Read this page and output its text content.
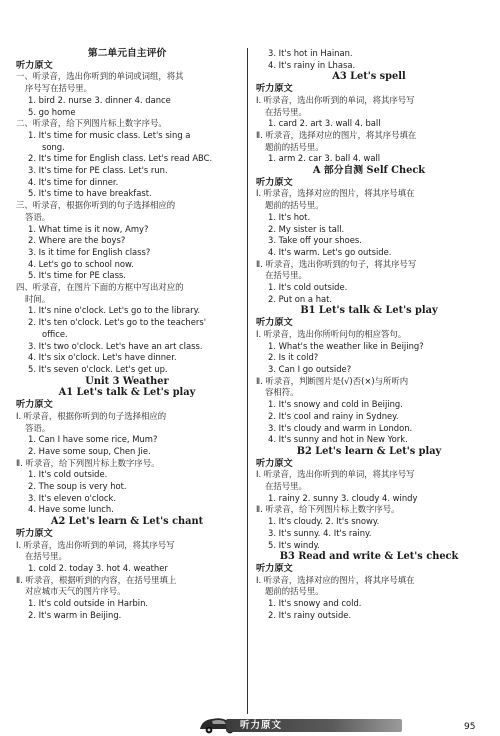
第二单元自主评价
听力原文
一、听录音，选出你听到的单词或词组，将其
序号写在括号里。
1. bird 2. nurse 3. dinner 4. dance
5. go home
二、听录音，给下列图片标上数字序号。
1. It's time for music class. Let's sing a
song.
2. It's time for English class. Let's read ABC.
3. It's time for PE class. Let's run.
4. It's time for dinner.
5. It's time to have breakfast.
三、听录音，根据你听到的句子选择相应的
答语。
1. What time is it now, Amy?
2. Where are the boys?
3. Is it time for English class?
4. Let's go to school now.
5. It's time for PE class.
四、听录音，在图片下面的方框中写出对应的
时间。
1. It's nine o'clock. Let's go to the library.
2. It's ten o'clock. Let's go to the teachers'
office.
3. It's two o'clock. Let's have an art class.
4. It's six o'clock. Let's have dinner.
5. It's seven o'clock. Let's get up.
Unit 3 Weather
A1 Let's talk & Let's play
听力原文
Ⅰ. 听录音，根据你听到的句子选择相应的
答语。
1. Can I have some rice, Mum?
2. Have some soup, Chen Jie.
Ⅱ. 听录音，给下列图片标上数字序号。
1. It's cold outside.
2. The soup is very hot.
3. It's eleven o'clock.
4. Have some lunch.
A2 Let's learn & Let's chant
听力原文
Ⅰ. 听录音，选出你听到的单词，将其序号写
在括号里。
1. cold 2. today 3. hot 4. weather
Ⅱ. 听录音，根据听到的内容，在括号里填上
对应城市天气的图片序号。
1. It's cold outside in Harbin.
2. It's warm in Beijing.
3. It's hot in Hainan.
4. It's rainy in Lhasa.
A3 Let's spell
听力原文
Ⅰ. 听录音，选出你听到的单词，将其序号写
在括号里。
1. card 2. art 3. wall 4. ball
Ⅱ. 听录音，选择对应的图片，将其序号填在
题前的括号里。
1. arm 2. car 3. ball 4. wall
A 部分自测 Self Check
听力原文
Ⅰ. 听录音，选择对应的图片，将其序号填在
题前的括号里。
1. It's hot.
2. My sister is tall.
3. Take off your shoes.
4. It's warm. Let's go outside.
Ⅱ. 听录音，选出你听到的句子，将其序号写
在括号里。
1. It's cold outside.
2. Put on a hat.
B1 Let's talk & Let's play
听力原文
Ⅰ. 听录音，选出你所听问句的相应答句。
1. What's the weather like in Beijing?
2. Is it cold?
3. Can I go outside?
Ⅱ. 听录音，判断图片是(√)否(×)与所听内
容相符。
1. It's snowy and cold in Beijing.
2. It's cool and rainy in Sydney.
3. It's cloudy and warm in London.
4. It's sunny and hot in New York.
B2 Let's learn & Let's play
听力原文
Ⅰ. 听录音，选出你听到的单词，将其序号写
在括号里。
1. rainy 2. sunny 3. cloudy 4. windy
Ⅱ. 听录音，给下列图片标上数字序号。
1. It's cloudy. 2. It's snowy.
3. It's sunny. 4. It's rainy.
5. It's windy.
B3 Read and write & Let's check
听力原文
Ⅰ. 听录音，选择对应的图片，将其序号填在
题前的括号里。
1. It's snowy and cold.
2. It's rainy outside.
听力原文	95
